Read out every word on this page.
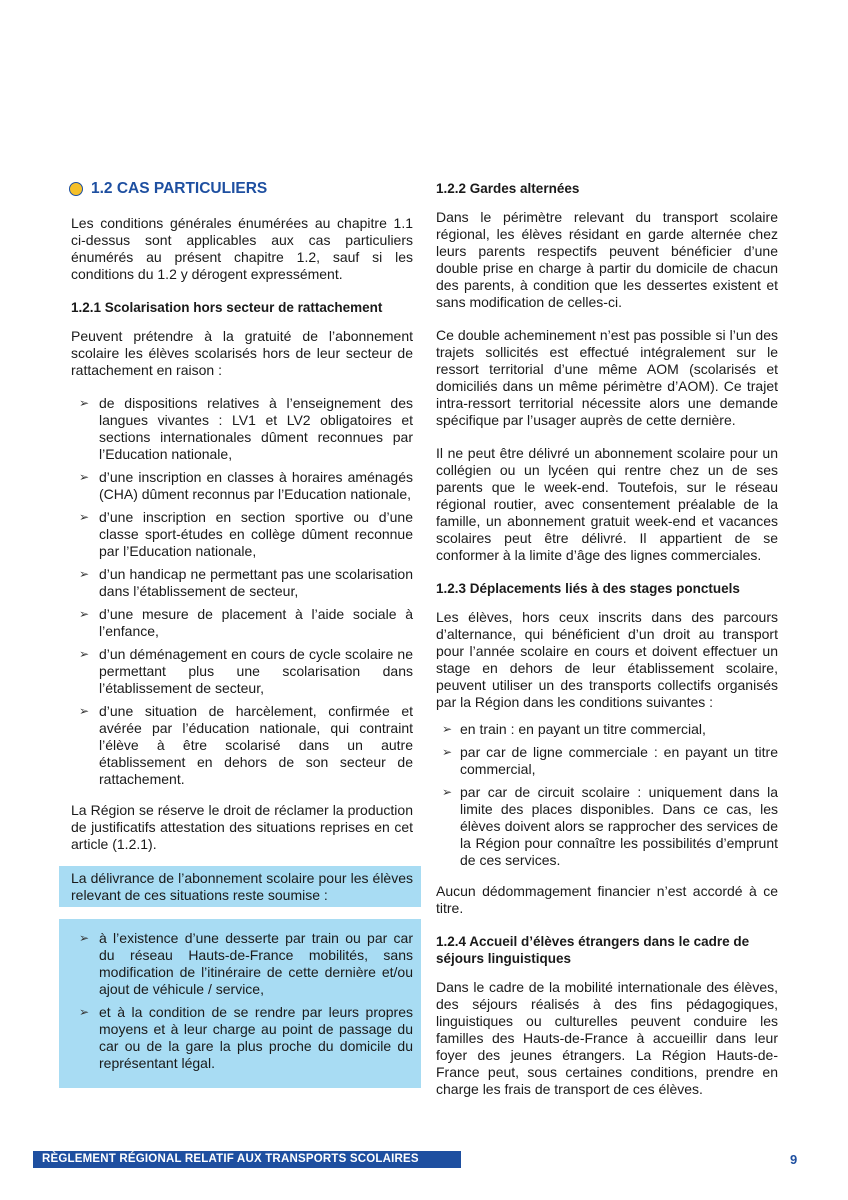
1.2 CAS PARTICULIERS

Les conditions générales énumérées au chapitre 1.1 ci-dessus sont applicables aux cas particuliers énumérés au présent chapitre 1.2, sauf si les conditions du 1.2 y dérogent expressément.

1.2.1 Scolarisation hors secteur de rattachement

Peuvent prétendre à la gratuité de l’abonnement scolaire les élèves scolarisés hors de leur secteur de rattachement en raison :

➢ de dispositions relatives à l’enseignement des langues vivantes : LV1 et LV2 obligatoires et sections internationales dûment reconnues par l’Education nationale,
➢ d’une inscription en classes à horaires aménagés (CHA) dûment reconnus par l’Education nationale,
➢ d’une inscription en section sportive ou d’une classe sport-études en collège dûment reconnue par l’Education nationale,
➢ d’un handicap ne permettant pas une scolarisation dans l’établissement de secteur,
➢ d’une mesure de placement à l’aide sociale à l’enfance,
➢ d’un déménagement en cours de cycle scolaire ne permettant plus une scolarisation dans l’établissement de secteur,
➢ d’une situation de harcèlement, confirmée et avérée par l’éducation nationale, qui contraint l’élève à être scolarisé dans un autre établissement en dehors de son secteur de rattachement.

La Région se réserve le droit de réclamer la production de justificatifs attestation des situations reprises en cet article (1.2.1).

La délivrance de l’abonnement scolaire pour les élèves relevant de ces situations reste soumise :

➢ à l’existence d’une desserte par train ou par car du réseau Hauts-de-France mobilités, sans modification de l’itinéraire de cette dernière et/ou ajout de véhicule / service,
➢ et à la condition de se rendre par leurs propres moyens et à leur charge au point de passage du car ou de la gare la plus proche du domicile du représentant légal.
1.2.2 Gardes alternées

Dans le périmètre relevant du transport scolaire régional, les élèves résidant en garde alternée chez leurs parents respectifs peuvent bénéficier d’une double prise en charge à partir du domicile de chacun des parents, à condition que les dessertes existent et sans modification de celles-ci.

Ce double acheminement n’est pas possible si l’un des trajets sollicités est effectué intégralement sur le ressort territorial d’une même AOM (scolarisés et domiciliés dans un même périmètre d’AOM). Ce trajet intra-ressort territorial nécessite alors une demande spécifique par l’usager auprès de cette dernière.

Il ne peut être délivré un abonnement scolaire pour un collégien ou un lycéen qui rentre chez un de ses parents que le week-end. Toutefois, sur le réseau régional routier, avec consentement préalable de la famille, un abonnement gratuit week-end et vacances scolaires peut être délivré. Il appartient de se conformer à la limite d’âge des lignes commerciales.

1.2.3 Déplacements liés à des stages ponctuels

Les élèves, hors ceux inscrits dans des parcours d’alternance, qui bénéficient d’un droit au transport pour l’année scolaire en cours et doivent effectuer un stage en dehors de leur établissement scolaire, peuvent utiliser un des transports collectifs organisés par la Région dans les conditions suivantes :

➢ en train : en payant un titre commercial,
➢ par car de ligne commerciale : en payant un titre commercial,
➢ par car de circuit scolaire : uniquement dans la limite des places disponibles. Dans ce cas, les élèves doivent alors se rapprocher des services de la Région pour connaître les possibilités d’emprunt de ces services.

Aucun dédommagement financier n’est accordé à ce titre.

1.2.4 Accueil d’élèves étrangers dans le cadre de séjours linguistiques

Dans le cadre de la mobilité internationale des élèves, des séjours réalisés à des fins pédagogiques, linguistiques ou culturelles peuvent conduire les familles des Hauts-de-France à accueillir dans leur foyer des jeunes étrangers. La Région Hauts-de-France peut, sous certaines conditions, prendre en charge les frais de transport de ces élèves.

RÈGLEMENT RÉGIONAL RELATIF AUX TRANSPORTS SCOLAIRES	9
